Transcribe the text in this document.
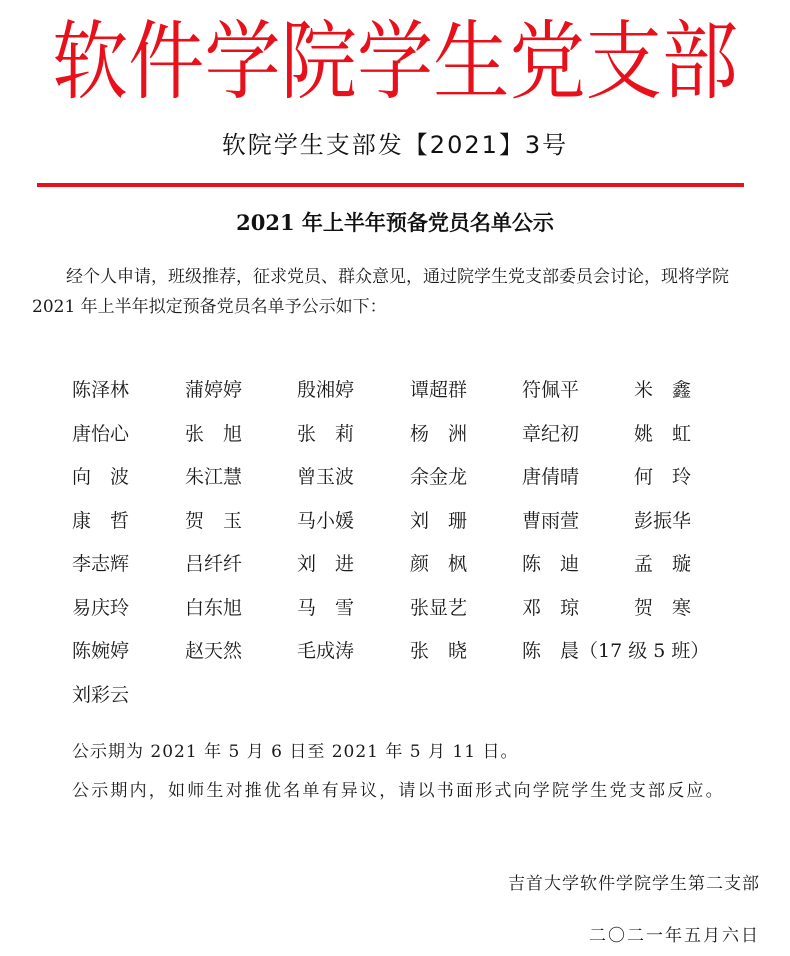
软件学院学生党支部
软院学生支部发【2021】3号
2021 年上半年预备党员名单公示

经个人申请，班级推荐，征求党员、群众意见，通过院学生党支部委员会讨论，现将学院2021 年上半年拟定预备党员名单予公示如下：

陈泽林	蒲婷婷	殷湘婷	谭超群	符佩平	米　鑫
唐怡心	张　旭	张　莉	杨　洲	章纪初	姚　虹
向　波	朱江慧	曾玉波	余金龙	唐倩晴	何　玲
康　哲	贺　玉	马小媛	刘　珊	曹雨萱	彭振华
李志辉	吕纤纤	刘　进	颜　枫	陈　迪	孟　璇
易庆玲	白东旭	马　雪	张显艺	邓　琼	贺　寒
陈婉婷	赵天然	毛成涛	张　晓	陈　晨（17 级 5 班）
刘彩云

公示期为 2021 年 5 月 6 日至 2021 年 5 月 11 日。

公示期内，如师生对推优名单有异议，请以书面形式向学院学生党支部反应。

吉首大学软件学院学生第二支部
二〇二一年五月六日
